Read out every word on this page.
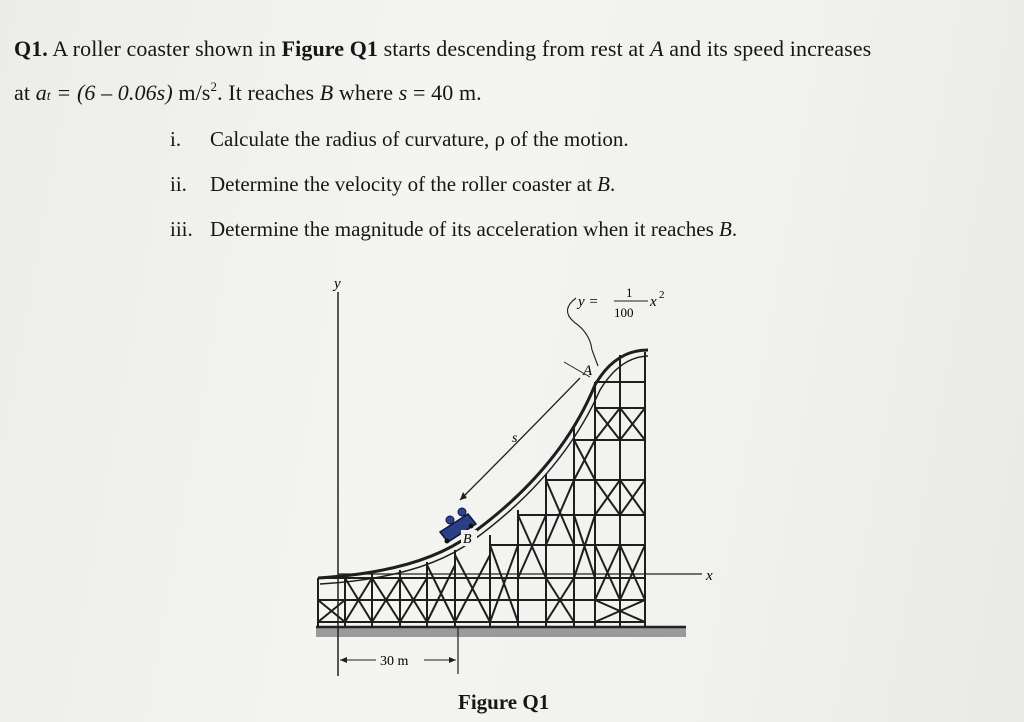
Q1. A roller coaster shown in Figure Q1 starts descending from rest at A and its speed increases
at at = (6 – 0.06s) $m/s^2$. It reaches B where s = 40 m.
i. Calculate the radius of curvature, ρ of the motion.
ii. Determine the velocity of the roller coaster at B.
iii. Determine the magnitude of its acceleration when it reaches B.
y
x
s
A
y =
1
100
x 2
B
30 m
Figure Q1
